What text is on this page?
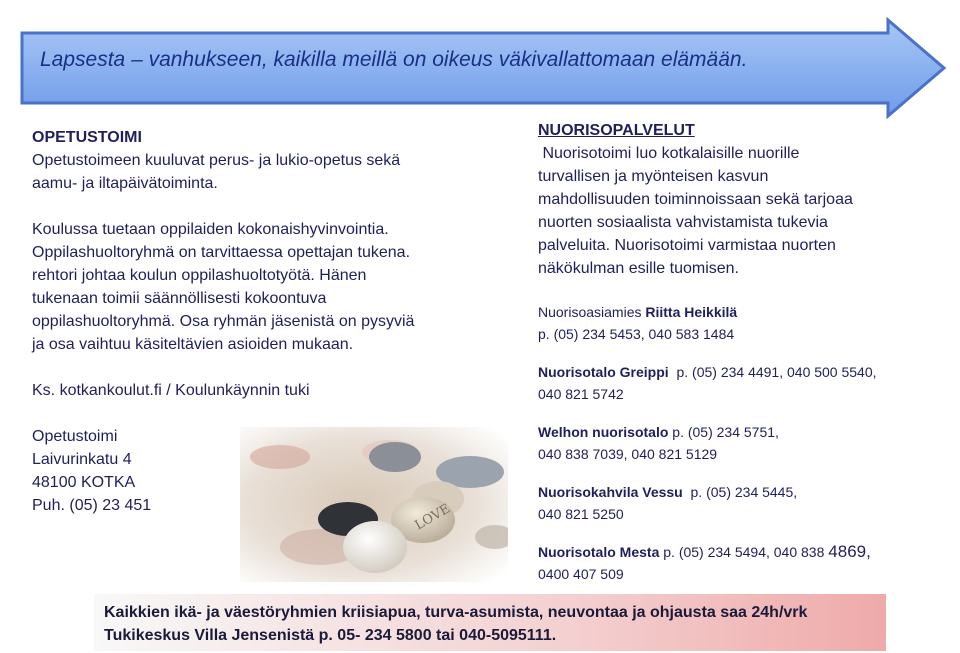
Lapsesta – vanhukseen, kaikilla meillä on oikeus väkivallattomaan elämään.

OPETUSTOIMI

Opetustoimeen kuuluvat perus- ja lukio-opetus sekä

aamu- ja iltapäivätoiminta.

Koulussa tuetaan oppilaiden kokonaishyvinvointia.

Oppilashuoltoryhmä on tarvittaessa opettajan tukena.

rehtori johtaa koulun oppilashuoltotyötä. Hänen

tukenaan toimii säännöllisesti kokoontuva

oppilashuoltoryhmä. Osa ryhmän jäsenistä on pysyviä

ja osa vaihtuu käsiteltävien asioiden mukaan.

Ks. kotkankoulut.fi / Koulunkäynnin tuki

Opetustoimi

Laivurinkatu 4

48100 KOTKA

Puh. (05) 23 451	LOVE

NUORISOPALVELUT

Nuorisotoimi luo kotkalaisille nuorille

turvallisen ja myönteisen kasvun

mahdollisuuden toiminnoissaan sekä tarjoaa

nuorten sosiaalista vahvistamista tukevia

palveluita. Nuorisotoimi varmistaa nuorten

näkökulman esille tuomisen.

Nuorisoasiamies Riitta Heikkilä

p. (05) 234 5453, 040 583 1484

Nuorisotalo Greippi  p. (05) 234 4491, 040 500 5540,

040 821 5742

Welhon nuorisotalo p. (05) 234 5751,

040 838 7039, 040 821 5129

Nuorisokahvila Vessu  p. (05) 234 5445,

040 821 5250

Nuorisotalo Mesta p. (05) 234 5494, 040 838 4869,

0400 407 509

Kaikkien ikä- ja väestöryhmien kriisiapua, turva-asumista, neuvontaa ja ohjausta saa 24h/vrk
Tukikeskus Villa Jensenistä p. 05- 234 5800 tai 040-5095111.
